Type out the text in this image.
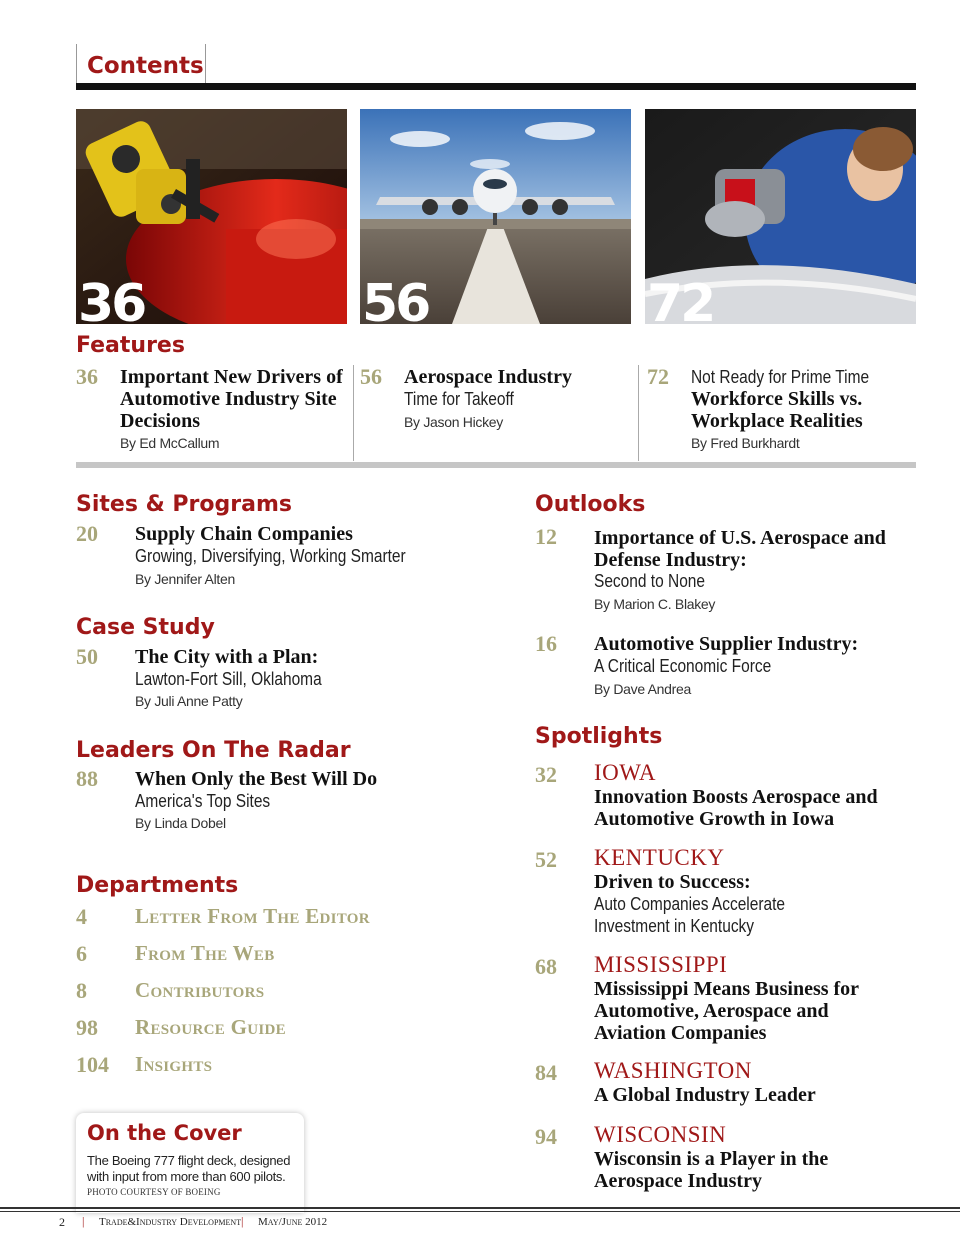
Contents
36	56	72
Features
36 Important New Drivers of Automotive Industry Site Decisions
By Ed McCallum
56 Aerospace Industry
Time for Takeoff
By Jason Hickey
72 Not Ready for Prime Time
Workforce Skills vs. Workplace Realities
By Fred Burkhardt
Sites & Programs
20 Supply Chain Companies
Growing, Diversifying, Working Smarter
By Jennifer Alten
Case Study
50 The City with a Plan:
Lawton-Fort Sill, Oklahoma
By Juli Anne Patty
Leaders On The Radar
88 When Only the Best Will Do
America's Top Sites
By Linda Dobel
Departments
4 Letter From The Editor
6 From The Web
8 Contributors
98 Resource Guide
104 Insights
On the Cover
The Boeing 777 flight deck, designed with input from more than 600 pilots.
PHOTO COURTESY OF BOEING
Outlooks
12 Importance of U.S. Aerospace and Defense Industry:
Second to None
By Marion C. Blakey
16 Automotive Supplier Industry:
A Critical Economic Force
By Dave Andrea
Spotlights
32 IOWA
Innovation Boosts Aerospace and Automotive Growth in Iowa
52 KENTUCKY
Driven to Success:
Auto Companies Accelerate Investment in Kentucky
68 MISSISSIPPI
Mississippi Means Business for Automotive, Aerospace and Aviation Companies
84 WASHINGTON
A Global Industry Leader
94 WISCONSIN
Wisconsin is a Player in the Aerospace Industry
2 | Trade&Industry Development | May/June 2012
